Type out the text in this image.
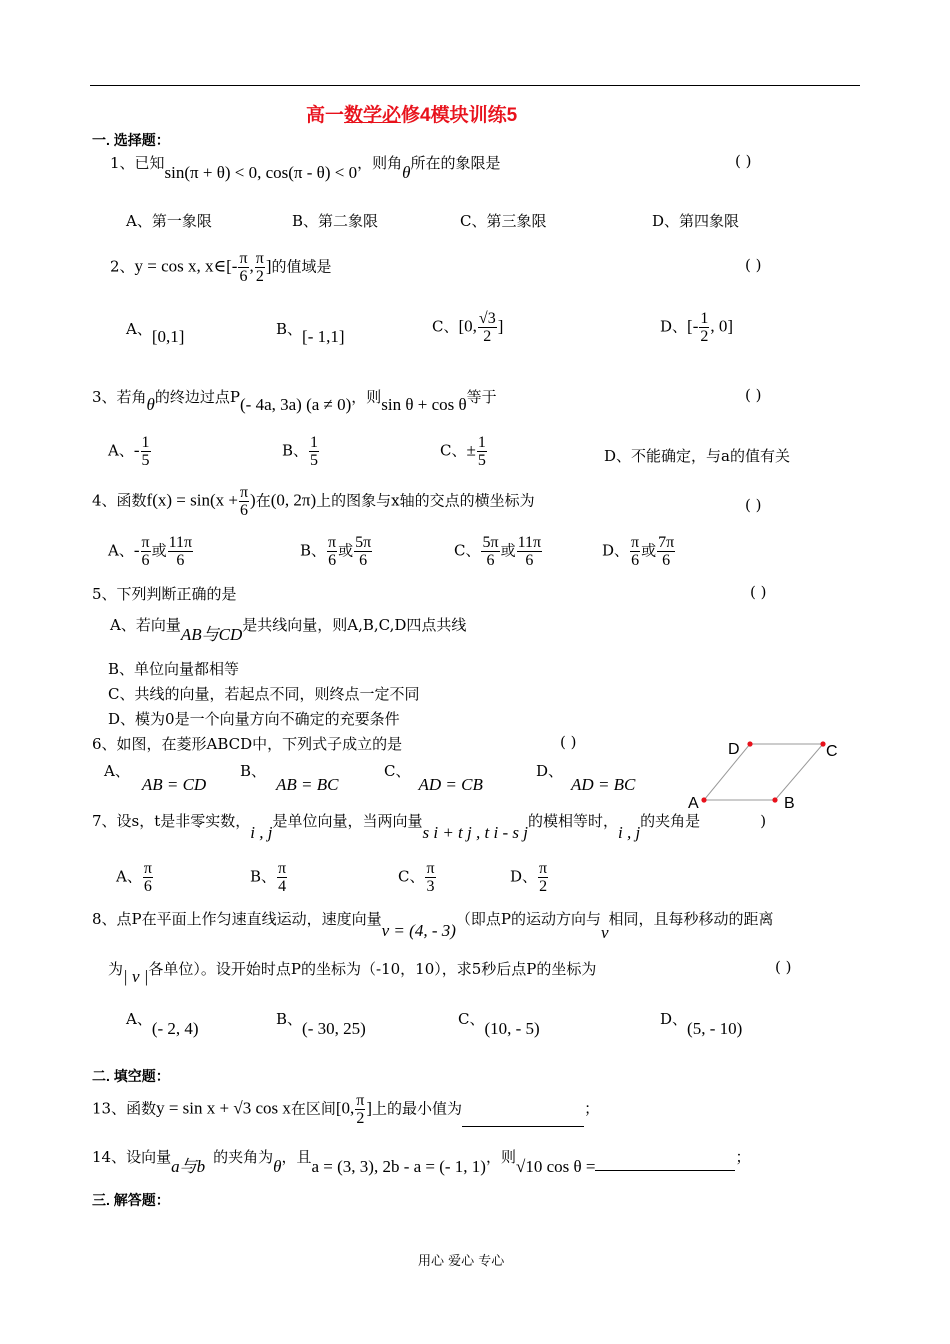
高一数学必修4模块训练5
一. 选择题：
1、已知sin(π + θ) < 0, cos(π - θ) < 0，则角θ所在的象限是	( )
A、第一象限	B、第二象限	C、第三象限	D、第四象限
2、y = cos x, x∈[- $\frac{\pi}{6}$ , $\frac{\pi}{2}$ ]的值域是	( )
A、[0,1]	B、[- 1,1]
C、[0, $\frac{√3}{2}$ ]	D、[- $\frac{1}{2}$ , 0]
3、若角θ的终边过点P(- 4a, 3a) (a ≠ 0)，则sin θ + cos θ等于	( )
A、- $\frac{1}{5}$	B、 $\frac{1}{5}$	C、± $\frac{1}{5}$	D、不能确定，与a的值有关
4、函数$f(x) = \sin(x + \frac{\pi}{6}$ )在(0, 2π)上的图象与x轴的交点的横坐标为	( )
A、- $\frac{\pi}{6}$ 或 $\frac{11\pi}{6}$	B、 $\frac{\pi}{6}$ 或 $\frac{5\pi}{6}$	C、 $\frac{5\pi}{6}$ 或 $\frac{11\pi}{6}$	D、 $\frac{\pi}{6}$ 或 $\frac{7\pi}{6}$
5、下列判断正确的是	( )
A、若向量AB与CD是共线向量，则A,B,C,D四点共线
B、单位向量都相等
C、共线的向量，若起点不同，则终点一定不同
D、模为0是一个向量方向不确定的充要条件
6、如图，在菱形ABCD中，下列式子成立的是	( )
A、AB = CD
B、AB = BC
C、AD = CB
D、AD = BC
D	C
A	B
7、设s，t是非零实数，i , j是单位向量，当两向量s i + t j , t i - s j的模相等时，i , j的夹角是	)
A、 $\frac{\pi}{6}$	B、 $\frac{\pi}{4}$	C、 $\frac{\pi}{3}$	D、 $\frac{\pi}{2}$
8、点P在平面上作匀速直线运动，速度向量v = (4, - 3)（即点P的运动方向与v相同，且每秒移动的距离
为| v |各单位）。设开始时点P的坐标为（-10，10），求5秒后点P的坐标为	( )
A、(- 2, 4)	B、(- 30, 25)	C、(10, - 5)	D、(5, - 10)
二. 填空题：
13、函数y = sin x + √3 cos x在区间[0, $\frac{\pi}{2}$ ]上的最小值为	；
14、设向量a与b 的夹角为θ，且a = (3, 3), 2b - a = (- 1, 1)，则√10 cos θ =	；
三. 解答题：
用心 爱心 专心
